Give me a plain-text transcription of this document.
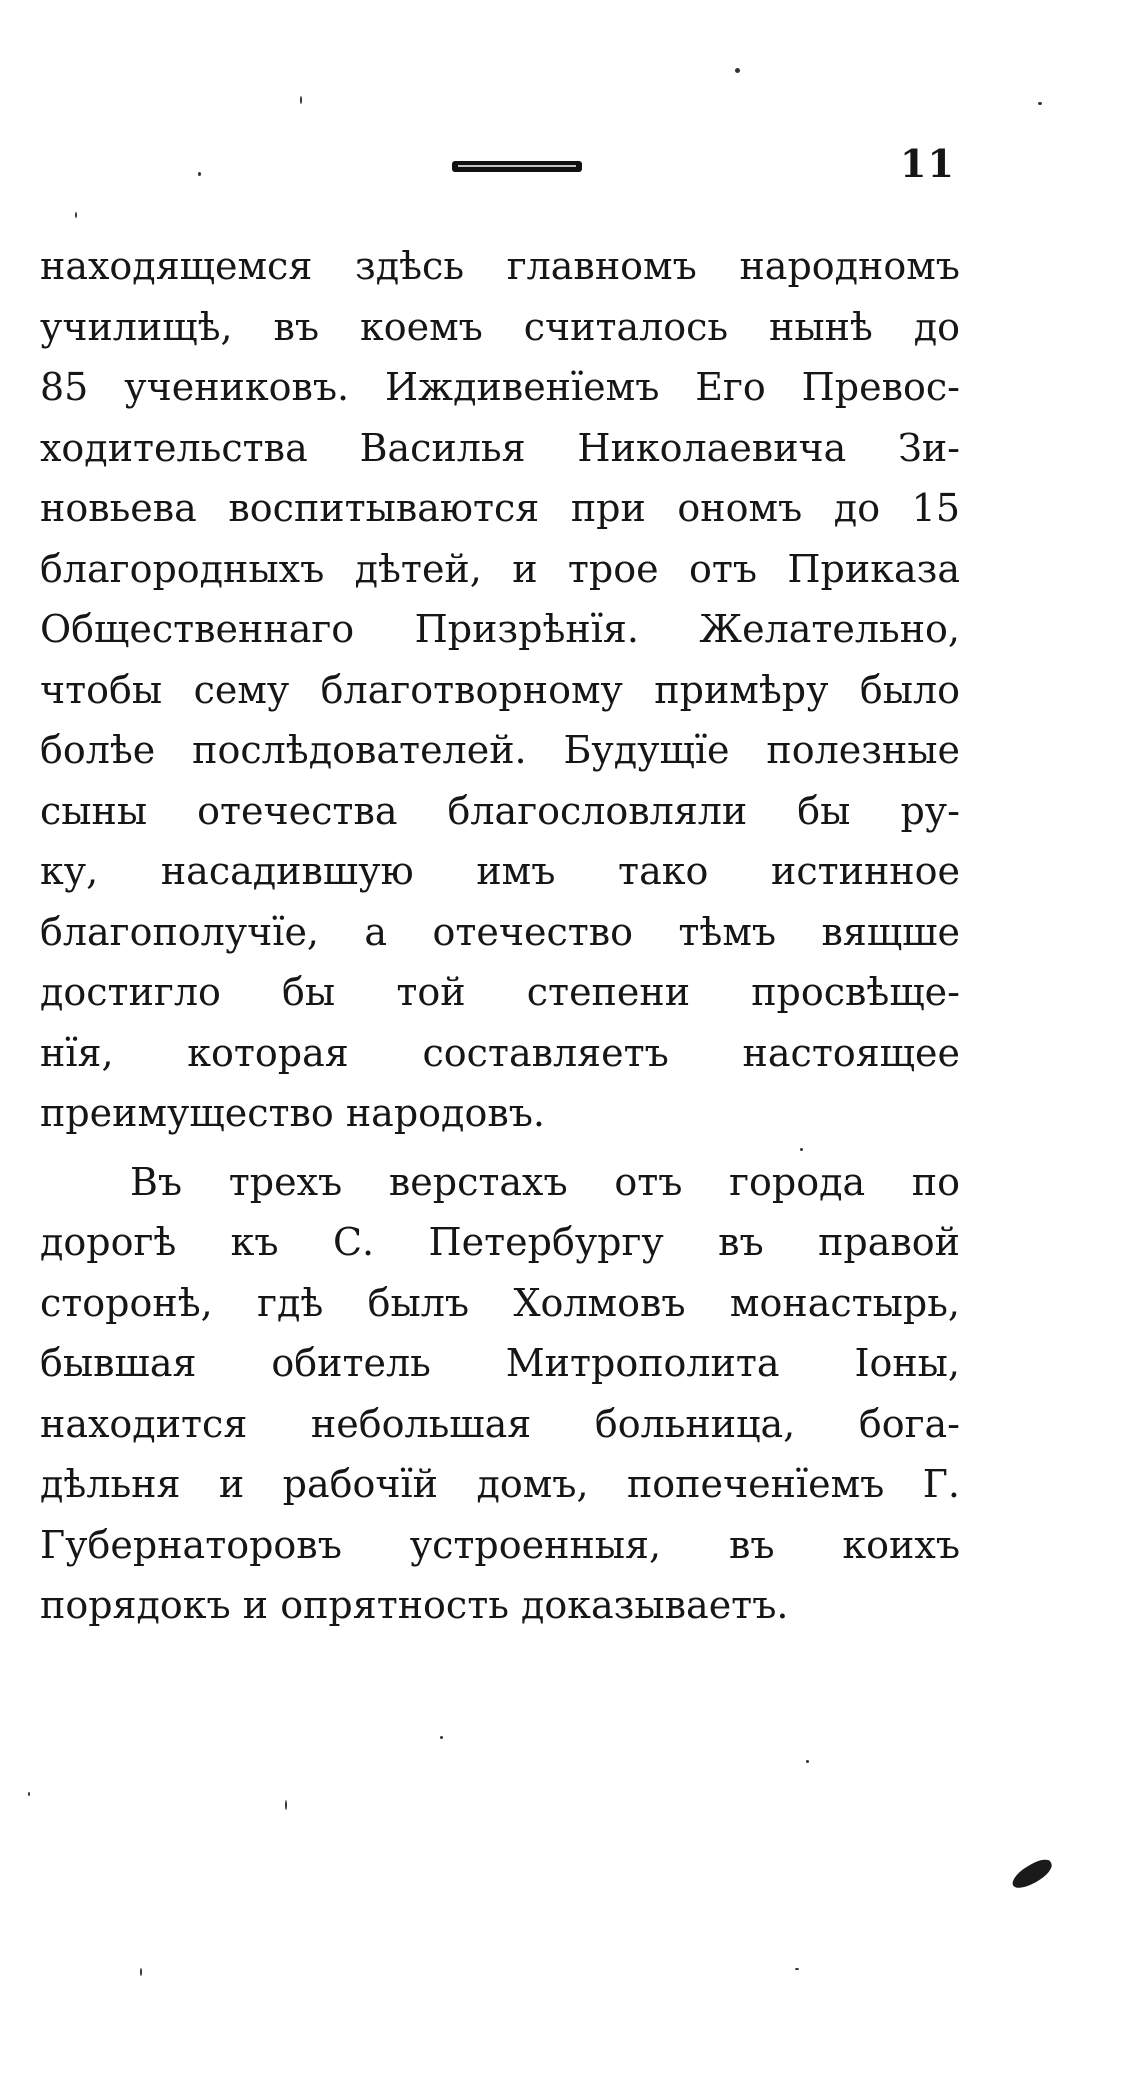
11
находящемся здѣсь главномъ народномъ
училищѣ, въ коемъ считалось нынѣ до
85 учениковъ. Иждивенїемъ Его Превос-
ходительства Василья Николаевича Зи-
новьева воспитываются при ономъ до 15
благородныхъ дѣтей, и трое отъ Приказа
Общественнаго Призрѣнїя. Желательно,
чтобы сему благотворному примѣру было
болѣе послѣдователей. Будущїе полезные
сыны отечества благословляли бы ру-
ку, насадившую имъ тако истинное
благополучїе, а отечество тѣмъ вящше
достигло бы той степени просвѣще-
нїя, которая составляетъ настоящее
преимущество народовъ.
Въ трехъ верстахъ отъ города по
дорогѣ къ С. Петербургу въ правой
сторонѣ, гдѣ былъ Холмовъ монастырь,
бывшая обитель Митрополита Iоны,
находится небольшая больница, бога-
дѣльня и рабочїй домъ, попеченїемъ Г.
Губернаторовъ устроенныя, въ коихъ
порядокъ и опрятность доказываетъ.
